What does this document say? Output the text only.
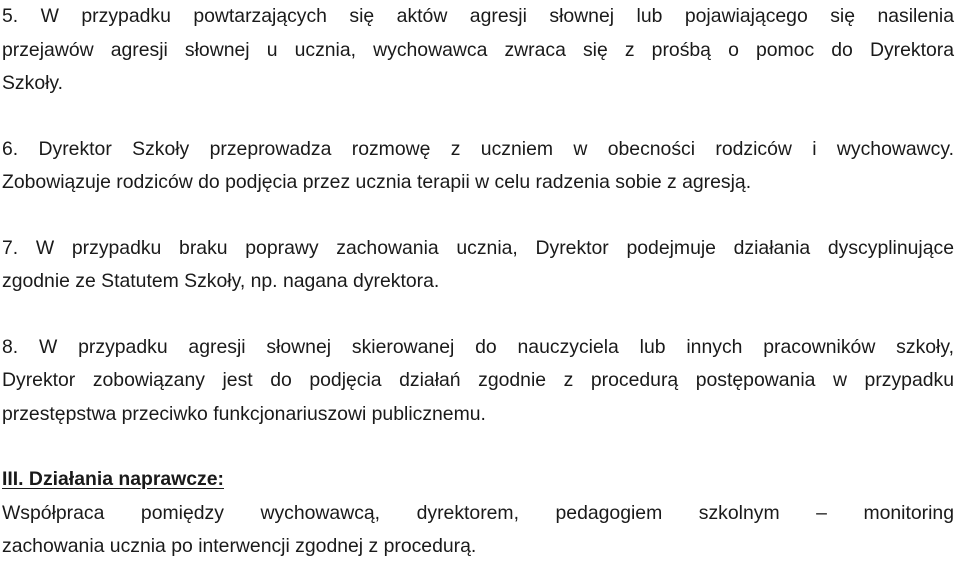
5. W przypadku powtarzających się aktów agresji słownej lub pojawiającego się nasilenia
przejawów agresji słownej u ucznia, wychowawca zwraca się z prośbą o pomoc do Dyrektora
Szkoły.

6. Dyrektor Szkoły przeprowadza rozmowę z uczniem w obecności rodziców i wychowawcy.
Zobowiązuje rodziców do podjęcia przez ucznia terapii w celu radzenia sobie z agresją.

7. W przypadku braku poprawy zachowania ucznia, Dyrektor podejmuje działania dyscyplinujące
zgodnie ze Statutem Szkoły, np. nagana dyrektora.

8. W przypadku agresji słownej skierowanej do nauczyciela lub innych pracowników szkoły,
Dyrektor zobowiązany jest do podjęcia działań zgodnie z procedurą postępowania w przypadku
przestępstwa przeciwko funkcjonariuszowi publicznemu.

III. Działania naprawcze:

Współpraca pomiędzy wychowawcą, dyrektorem, pedagogiem szkolnym – monitoring
zachowania ucznia po interwencji zgodnej z procedurą.
